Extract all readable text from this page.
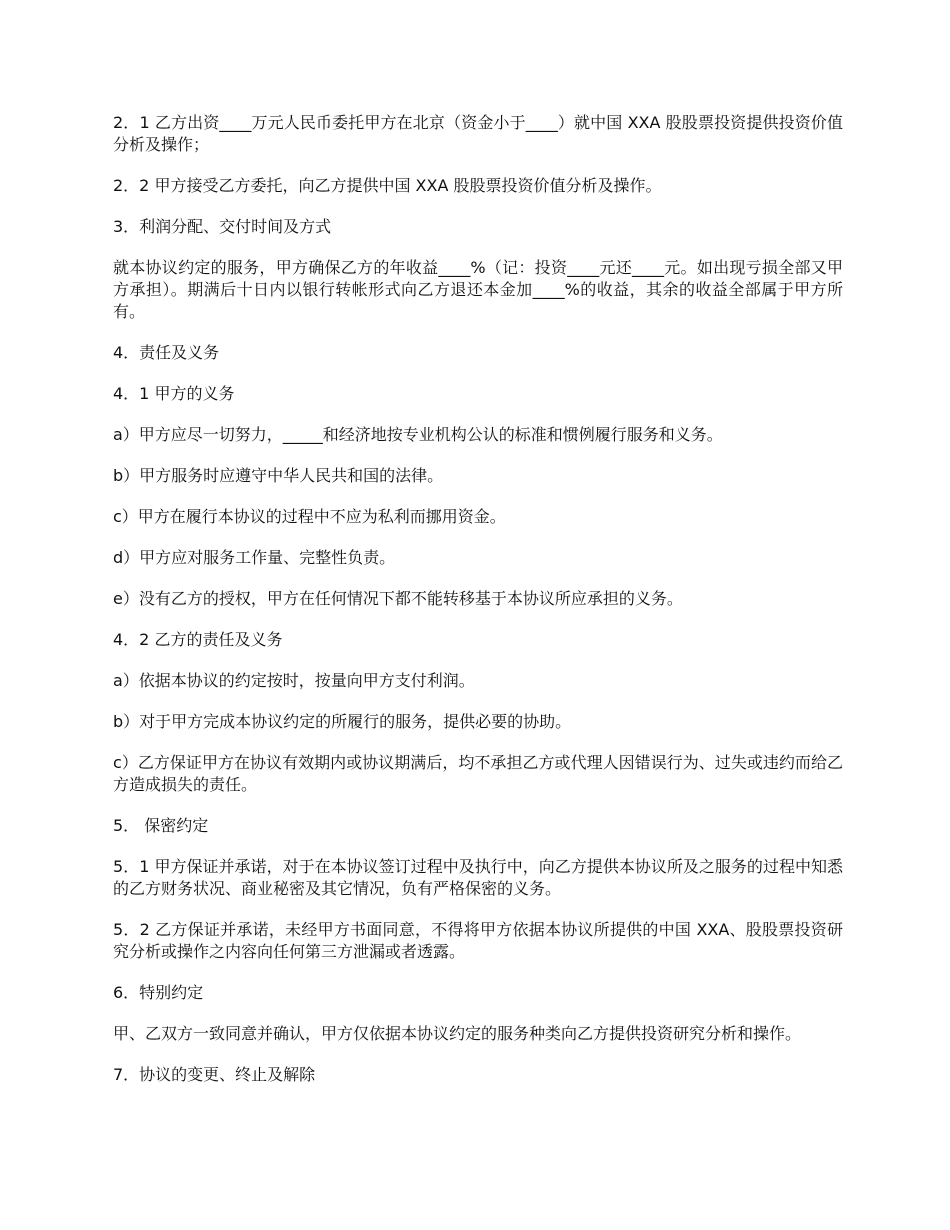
2．1 乙方出资____万元人民币委托甲方在北京（资金小于____）就中国 XXA 股股票投资提供投资价值分析及操作；

2．2 甲方接受乙方委托，向乙方提供中国 XXA 股股票投资价值分析及操作。

3．利润分配、交付时间及方式

就本协议约定的服务，甲方确保乙方的年收益____%（记：投资____元还____元。如出现亏损全部又甲方承担）。期满后十日内以银行转帐形式向乙方退还本金加____%的收益，其余的收益全部属于甲方所有。

4．责任及义务

4．1 甲方的义务

a）甲方应尽一切努力，_____和经济地按专业机构公认的标准和惯例履行服务和义务。

b）甲方服务时应遵守中华人民共和国的法律。

c）甲方在履行本协议的过程中不应为私利而挪用资金。

d）甲方应对服务工作量、完整性负责。

e）没有乙方的授权，甲方在任何情况下都不能转移基于本协议所应承担的义务。

4．2 乙方的责任及义务

a）依据本协议的约定按时，按量向甲方支付利润。

b）对于甲方完成本协议约定的所履行的服务，提供必要的协助。

c）乙方保证甲方在协议有效期内或协议期满后，均不承担乙方或代理人因错误行为、过失或违约而给乙方造成损失的责任。

5． 保密约定

5．1 甲方保证并承诺，对于在本协议签订过程中及执行中，向乙方提供本协议所及之服务的过程中知悉的乙方财务状况、商业秘密及其它情况，负有严格保密的义务。

5．2 乙方保证并承诺，未经甲方书面同意，不得将甲方依据本协议所提供的中国 XXA、股股票投资研究分析或操作之内容向任何第三方泄漏或者透露。

6．特别约定

甲、乙双方一致同意并确认，甲方仅依据本协议约定的服务种类向乙方提供投资研究分析和操作。

7．协议的变更、终止及解除
